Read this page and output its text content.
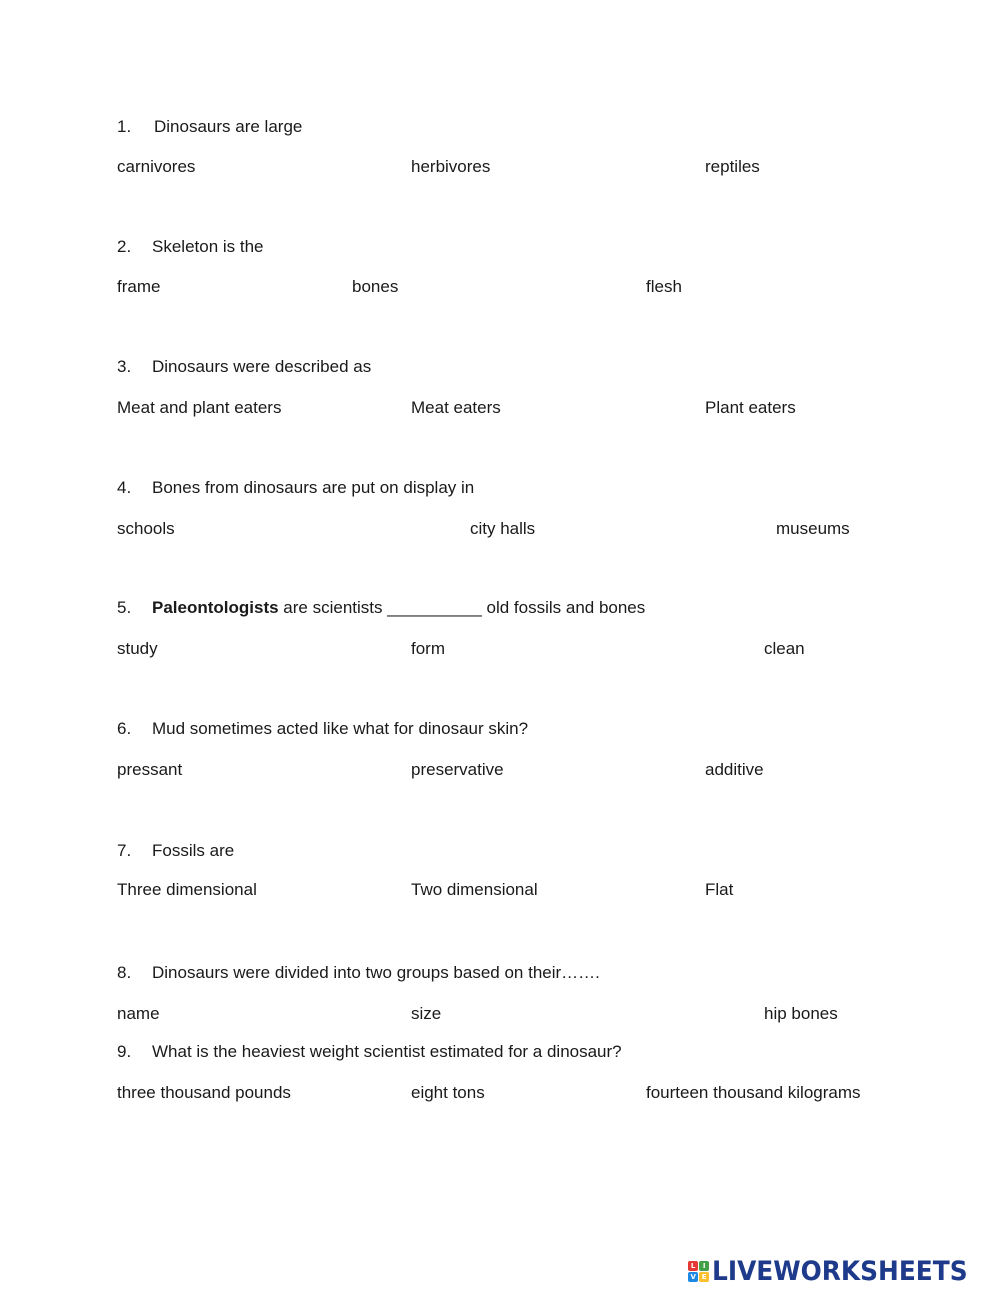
1. Dinosaurs are large
carnivores	herbivores	reptiles
2. Skeleton is the
frame	bones	flesh
3. Dinosaurs were described as
Meat and plant eaters	Meat eaters	Plant eaters
4. Bones from dinosaurs are put on display in
schools	city halls	museums
5. Paleontologists are scientists __________ old fossils and bones
study	form	clean
6. Mud sometimes acted like what for dinosaur skin?
pressant	preservative	additive
7. Fossils are
Three dimensional	Two dimensional	Flat
8. Dinosaurs were divided into two groups based on their…….
name	size	hip bones
9. What is the heaviest weight scientist estimated for a dinosaur?
three thousand pounds	eight tons	fourteen thousand kilograms
L	I
V E LIVEWORKSHEETS
